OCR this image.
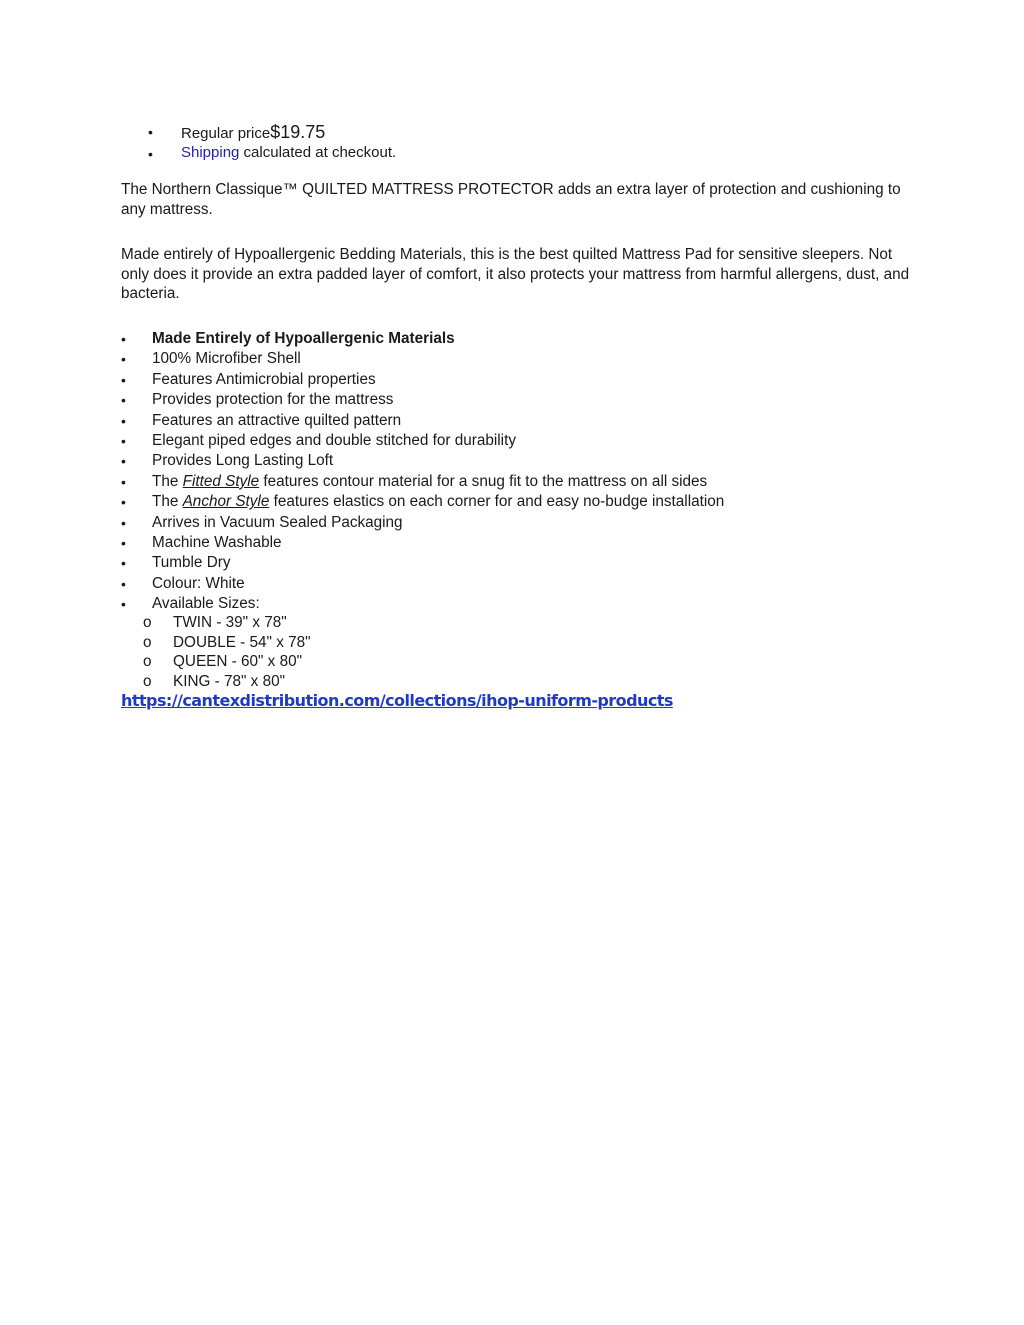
• Regular price$19.75
• Shipping calculated at checkout.

The Northern Classique™ QUILTED MATTRESS PROTECTOR adds an extra layer of protection and cushioning to any mattress.

Made entirely of Hypoallergenic Bedding Materials, this is the best quilted Mattress Pad for sensitive sleepers. Not only does it provide an extra padded layer of comfort, it also protects your mattress from harmful allergens, dust, and bacteria.

• Made Entirely of Hypoallergenic Materials
• 100% Microfiber Shell
• Features Antimicrobial properties
• Provides protection for the mattress
• Features an attractive quilted pattern
• Elegant piped edges and double stitched for durability
• Provides Long Lasting Loft
• The Fitted Style features contour material for a snug fit to the mattress on all sides
• The Anchor Style features elastics on each corner for and easy no-budge installation
• Arrives in Vacuum Sealed Packaging
• Machine Washable
• Tumble Dry
• Colour: White
• Available Sizes:
o TWIN - 39" x 78"
o DOUBLE - 54" x 78"
o QUEEN - 60" x 80"
o KING - 78" x 80"
https://cantexdistribution.com/collections/ihop-uniform-products
